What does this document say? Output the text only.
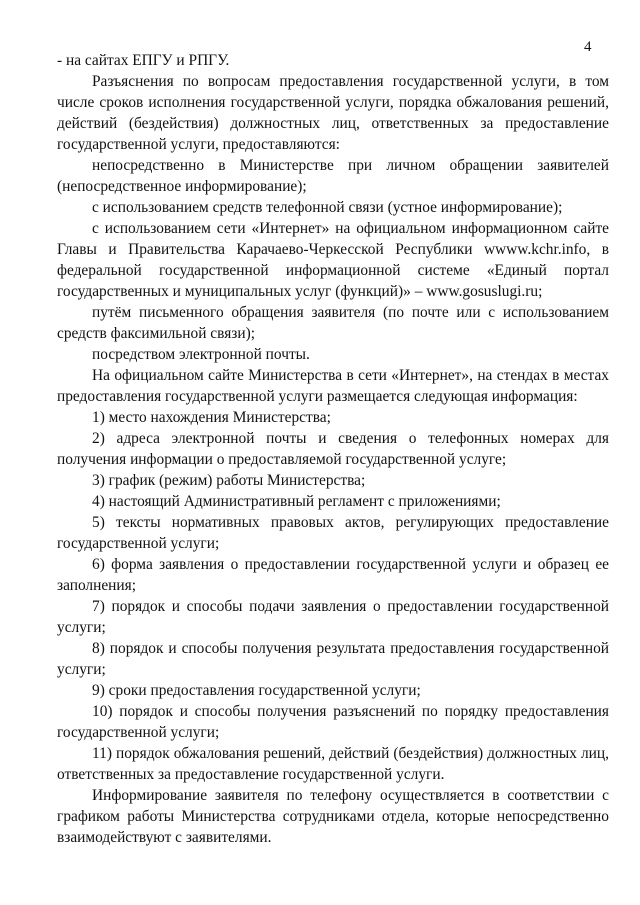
4

- на сайтах ЕПГУ и РПГУ.

Разъяснения по вопросам предоставления государственной услуги, в том числе сроков исполнения государственной услуги, порядка обжалования решений, действий (бездействия) должностных лиц, ответственных за предоставление государственной услуги, предоставляются:

непосредственно в Министерстве при личном обращении заявителей (непосредственное информирование);

с использованием средств телефонной связи (устное информирование);

с использованием сети «Интернет» на официальном информационном сайте Главы и Правительства Карачаево-Черкесской Республики wwww.kchr.info, в федеральной государственной информационной системе «Единый портал государственных и муниципальных услуг (функций)» – www.gosuslugi.ru;

путём письменного обращения заявителя (по почте или с использованием средств факсимильной связи);

посредством электронной почты.

На официальном сайте Министерства в сети «Интернет», на стендах в местах предоставления государственной услуги размещается следующая информация:

1) место нахождения Министерства;

2) адреса электронной почты и сведения о телефонных номерах для получения информации о предоставляемой государственной услуге;

3) график (режим) работы Министерства;

4) настоящий Административный регламент с приложениями;

5) тексты нормативных правовых актов, регулирующих предоставление государственной услуги;

6) форма заявления о предоставлении государственной услуги и образец ее заполнения;

7) порядок и способы подачи заявления о предоставлении государственной услуги;

8) порядок и способы получения результата предоставления государственной услуги;

9) сроки предоставления государственной услуги;

10) порядок и способы получения разъяснений по порядку предоставления государственной услуги;

11) порядок обжалования решений, действий (бездействия) должностных лиц, ответственных за предоставление государственной услуги.

Информирование заявителя по телефону осуществляется в соответствии с графиком работы Министерства сотрудниками отдела, которые непосредственно взаимодействуют с заявителями.
